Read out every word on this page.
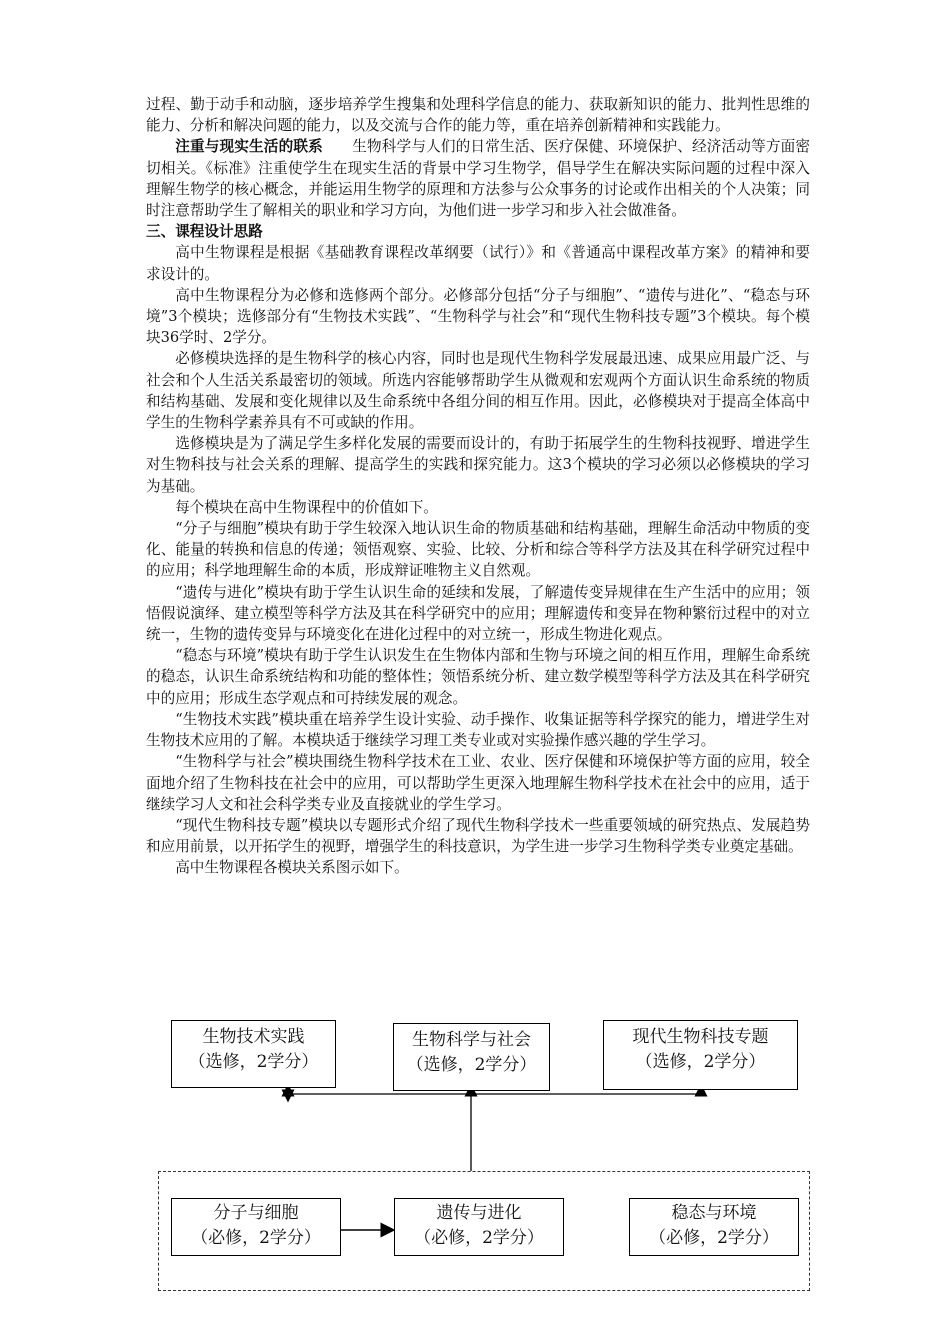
过程、勤于动手和动脑，逐步培养学生搜集和处理科学信息的能力、获取新知识的能力、批判性思维的能力、分析和解决问题的能力，以及交流与合作的能力等，重在培养创新精神和实践能力。

注重与现实生活的联系 生物科学与人们的日常生活、医疗保健、环境保护、经济活动等方面密切相关。《标准》注重使学生在现实生活的背景中学习生物学，倡导学生在解决实际问题的过程中深入理解生物学的核心概念，并能运用生物学的原理和方法参与公众事务的讨论或作出相关的个人决策；同时注意帮助学生了解相关的职业和学习方向，为他们进一步学习和步入社会做准备。

三、课程设计思路

高中生物课程是根据《基础教育课程改革纲要（试行）》和《普通高中课程改革方案》的精神和要求设计的。

高中生物课程分为必修和选修两个部分。必修部分包括“分子与细胞”、“遗传与进化”、“稳态与环境”3个模块；选修部分有“生物技术实践”、“生物科学与社会”和“现代生物科技专题”3个模块。每个模块36学时、2学分。

必修模块选择的是生物科学的核心内容，同时也是现代生物科学发展最迅速、成果应用最广泛、与社会和个人生活关系最密切的领域。所选内容能够帮助学生从微观和宏观两个方面认识生命系统的物质和结构基础、发展和变化规律以及生命系统中各组分间的相互作用。因此，必修模块对于提高全体高中学生的生物科学素养具有不可或缺的作用。

选修模块是为了满足学生多样化发展的需要而设计的，有助于拓展学生的生物科技视野、增进学生对生物科技与社会关系的理解、提高学生的实践和探究能力。这3个模块的学习必须以必修模块的学习为基础。

每个模块在高中生物课程中的价值如下。

“分子与细胞”模块有助于学生较深入地认识生命的物质基础和结构基础，理解生命活动中物质的变化、能量的转换和信息的传递；领悟观察、实验、比较、分析和综合等科学方法及其在科学研究过程中的应用；科学地理解生命的本质，形成辩证唯物主义自然观。

“遗传与进化”模块有助于学生认识生命的延续和发展，了解遗传变异规律在生产生活中的应用；领悟假说演绎、建立模型等科学方法及其在科学研究中的应用；理解遗传和变异在物种繁衍过程中的对立统一，生物的遗传变异与环境变化在进化过程中的对立统一，形成生物进化观点。

“稳态与环境”模块有助于学生认识发生在生物体内部和生物与环境之间的相互作用，理解生命系统的稳态，认识生命系统结构和功能的整体性；领悟系统分析、建立数学模型等科学方法及其在科学研究中的应用；形成生态学观点和可持续发展的观念。

“生物技术实践”模块重在培养学生设计实验、动手操作、收集证据等科学探究的能力，增进学生对生物技术应用的了解。本模块适于继续学习理工类专业或对实验操作感兴趣的学生学习。

“生物科学与社会”模块围绕生物科学技术在工业、农业、医疗保健和环境保护等方面的应用，较全面地介绍了生物科技在社会中的应用，可以帮助学生更深入地理解生物科学技术在社会中的应用，适于继续学习人文和社会科学类专业及直接就业的学生学习。

“现代生物科技专题”模块以专题形式介绍了现代生物科学技术一些重要领域的研究热点、发展趋势和应用前景，以开拓学生的视野，增强学生的科技意识，为学生进一步学习生物科学类专业奠定基础。

高中生物课程各模块关系图示如下。

生物技术实践
（选修，2学分）
生物科学与社会
（选修，2学分）
现代生物科技专题
（选修，2学分）
分子与细胞
（必修，2学分）
遗传与进化
（必修，2学分）
稳态与环境
（必修，2学分）
